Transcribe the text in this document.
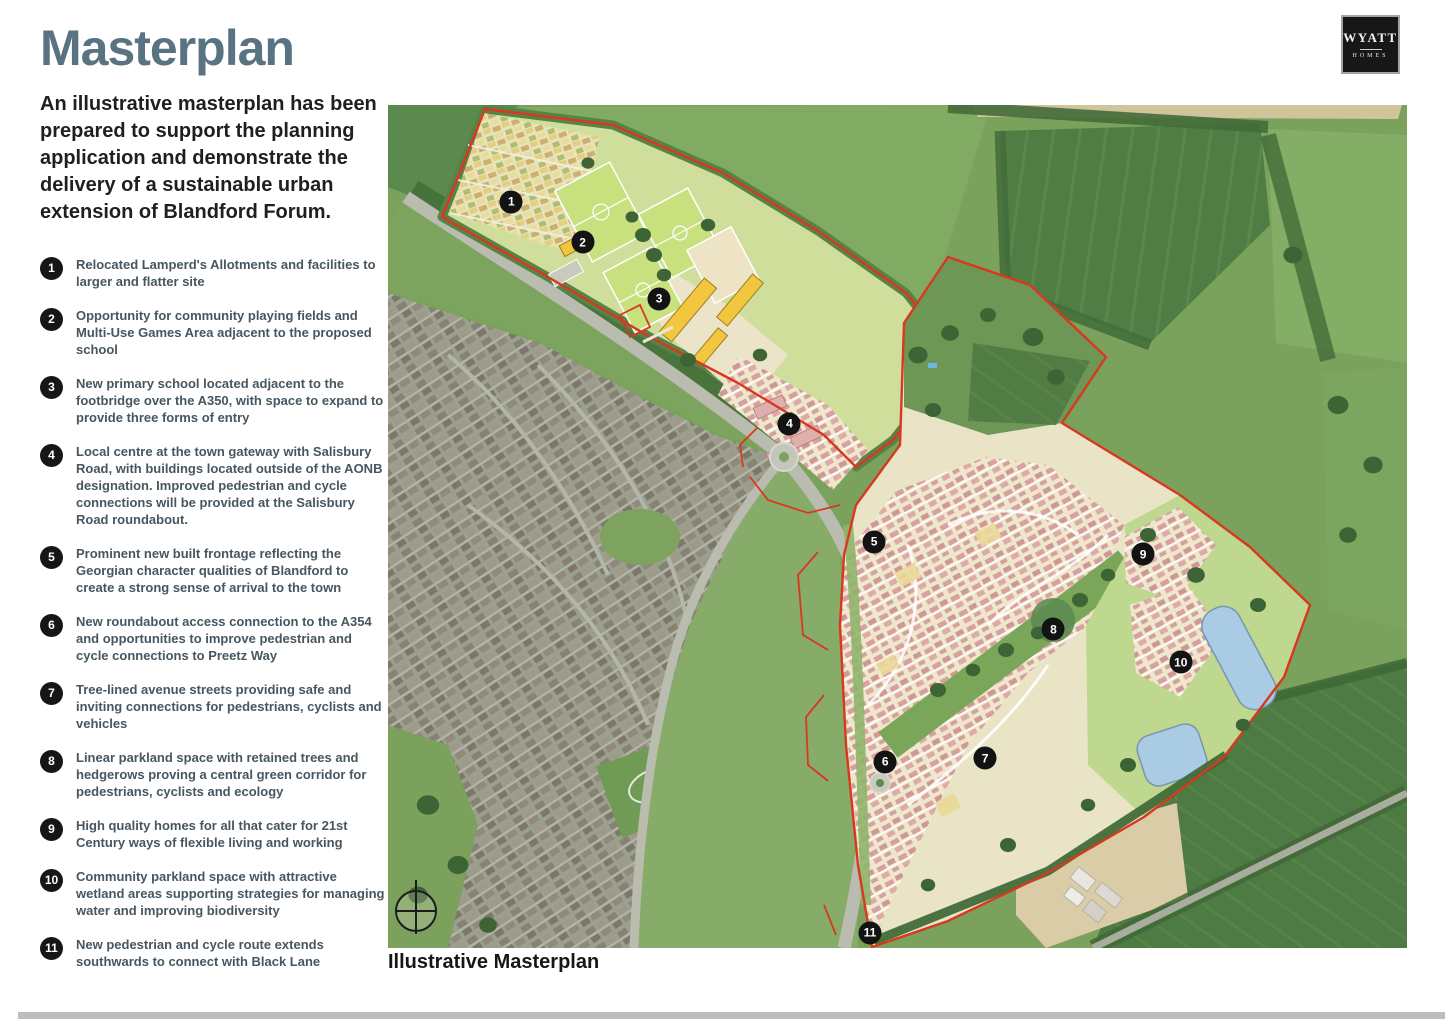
Masterplan

An illustrative masterplan has been prepared to support the planning application and demonstrate the delivery of a sustainable urban extension of Blandford Forum.

1	Relocated Lamperd's Allotments and facilities to larger and flatter site
2	Opportunity for community playing fields and Multi-Use Games Area adjacent to the proposed school
3	New primary school located adjacent to the footbridge over the A350, with space to expand to provide three forms of entry
4	Local centre at the town gateway with Salisbury Road, with buildings located outside of the AONB designation. Improved pedestrian and cycle connections will be provided at the Salisbury Road roundabout.
5	Prominent new built frontage reflecting the Georgian character qualities of Blandford to create a strong sense of arrival to the town
6	New roundabout access connection to the A354 and opportunities to improve pedestrian and cycle connections to Preetz Way
7	Tree-lined avenue streets providing safe and inviting connections for pedestrians, cyclists and vehicles
8	Linear parkland space with retained trees and hedgerows proving a central green corridor for pedestrians, cyclists and ecology
9	High quality homes for all that cater for 21st Century ways of flexible living and working
10	Community parkland space with attractive wetland areas supporting strategies for managing water and improving biodiversity
11	New pedestrian and cycle route extends southwards to connect with Black Lane
WYATT
HOMES
1
2
3
4
5
6	7
8
9
10
11
Illustrative Masterplan
